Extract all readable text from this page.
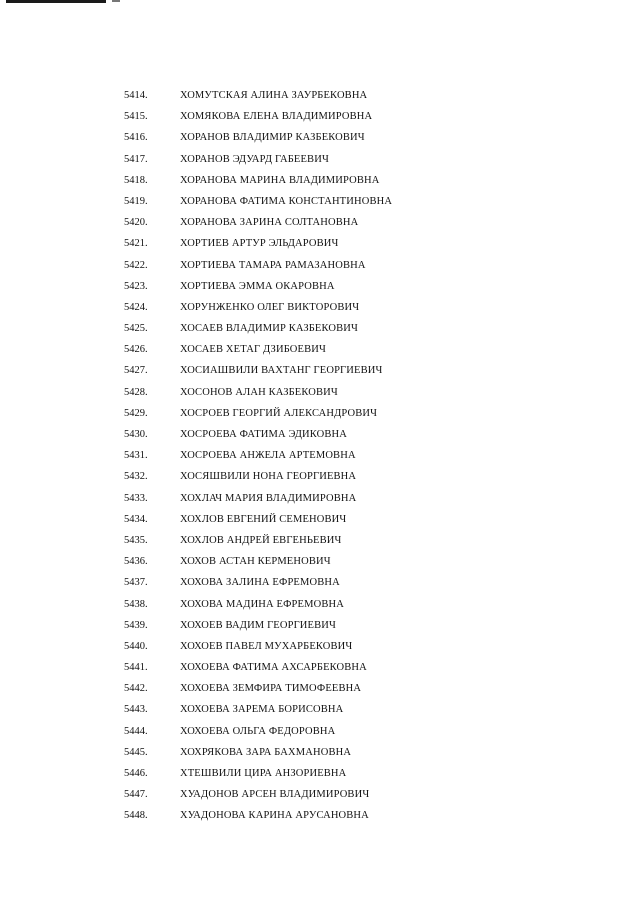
5414.	ХОМУТСКАЯ АЛИНА ЗАУРБЕКОВНА
5415.	ХОМЯКОВА ЕЛЕНА ВЛАДИМИРОВНА
5416.	ХОРАНОВ ВЛАДИМИР КАЗБЕКОВИЧ
5417.	ХОРАНОВ ЭДУАРД ГАБЕЕВИЧ
5418.	ХОРАНОВА МАРИНА ВЛАДИМИРОВНА
5419.	ХОРАНОВА ФАТИМА КОНСТАНТИНОВНА
5420.	ХОРАНОВА ЗАРИНА СОЛТАНОВНА
5421.	ХОРТИЕВ АРТУР ЭЛЬДАРОВИЧ
5422.	ХОРТИЕВА ТАМАРА РАМАЗАНОВНА
5423.	ХОРТИЕВА ЭММА ОКАРОВНА
5424.	ХОРУНЖЕНКО ОЛЕГ ВИКТОРОВИЧ
5425.	ХОСАЕВ ВЛАДИМИР КАЗБЕКОВИЧ
5426.	ХОСАЕВ ХЕТАГ ДЗИБОЕВИЧ
5427.	ХОСИАШВИЛИ ВАХТАНГ ГЕОРГИЕВИЧ
5428.	ХОСОНОВ АЛАН КАЗБЕКОВИЧ
5429.	ХОСРОЕВ ГЕОРГИЙ АЛЕКСАНДРОВИЧ
5430.	ХОСРОЕВА ФАТИМА ЭДИКОВНА
5431.	ХОСРОЕВА АНЖЕЛА АРТЕМОВНА
5432.	ХОСЯШВИЛИ НОНА ГЕОРГИЕВНА
5433.	ХОХЛАЧ МАРИЯ ВЛАДИМИРОВНА
5434.	ХОХЛОВ ЕВГЕНИЙ СЕМЕНОВИЧ
5435.	ХОХЛОВ АНДРЕЙ ЕВГЕНЬЕВИЧ
5436.	ХОХОВ АСТАН КЕРМЕНОВИЧ
5437.	ХОХОВА ЗАЛИНА ЕФРЕМОВНА
5438.	ХОХОВА МАДИНА ЕФРЕМОВНА
5439.	ХОХОЕВ ВАДИМ ГЕОРГИЕВИЧ
5440.	ХОХОЕВ ПАВЕЛ МУХАРБЕКОВИЧ
5441.	ХОХОЕВА ФАТИМА АХСАРБЕКОВНА
5442.	ХОХОЕВА ЗЕМФИРА ТИМОФЕЕВНА
5443.	ХОХОЕВА ЗАРЕМА БОРИСОВНА
5444.	ХОХОЕВА ОЛЬГА ФЕДОРОВНА
5445.	ХОХРЯКОВА ЗАРА БАХМАНОВНА
5446.	ХТЕШВИЛИ ЦИРА АНЗОРИЕВНА
5447.	ХУАДОНОВ АРСЕН ВЛАДИМИРОВИЧ
5448.	ХУАДОНОВА КАРИНА АРУСАНОВНА
